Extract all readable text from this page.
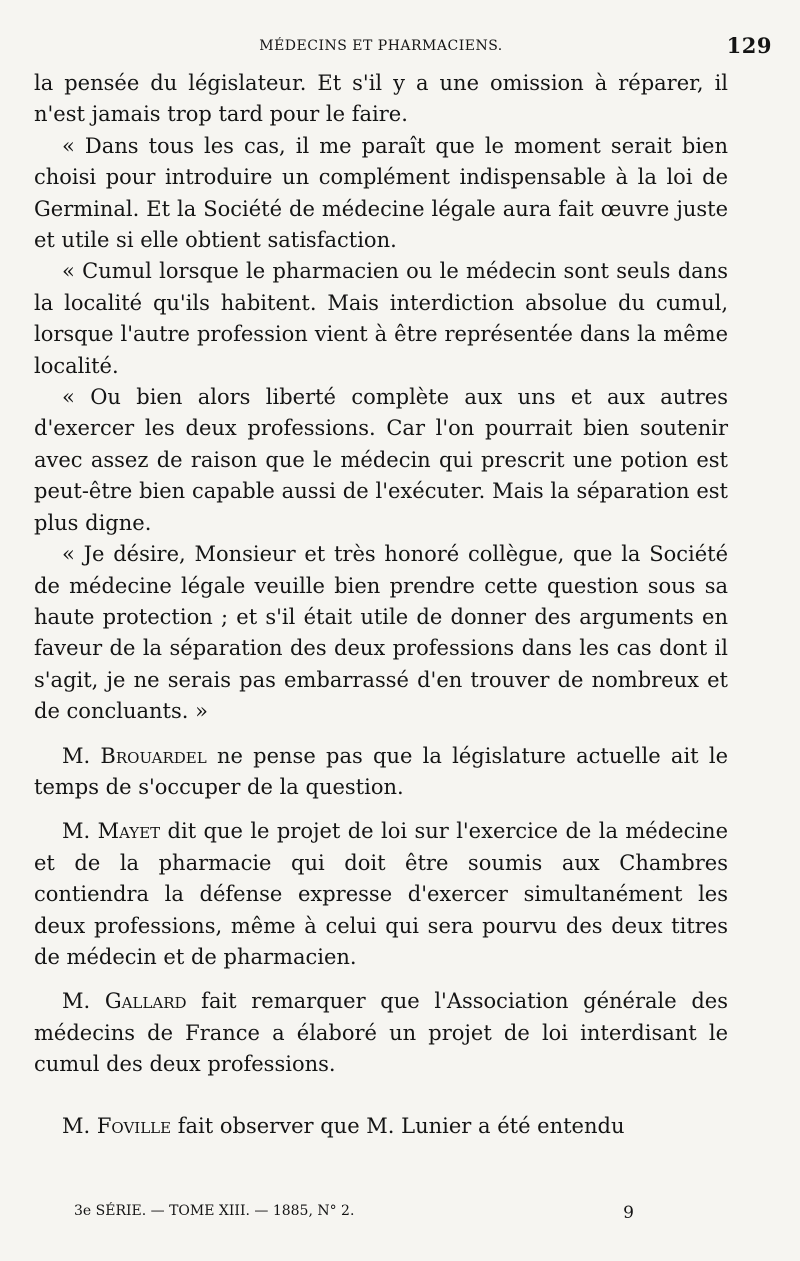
MÉDECINS ET PHARMACIENS.	129

la pensée du législateur. Et s'il y a une omission à réparer, il n'est jamais trop tard pour le faire.

« Dans tous les cas, il me paraît que le moment serait bien choisi pour introduire un complément indispensable à la loi de Germinal. Et la Société de médecine légale aura fait œuvre juste et utile si elle obtient satisfaction.

« Cumul lorsque le pharmacien ou le médecin sont seuls dans la localité qu'ils habitent. Mais interdiction absolue du cumul, lorsque l'autre profession vient à être représentée dans la même localité.

« Ou bien alors liberté complète aux uns et aux autres d'exercer les deux professions. Car l'on pourrait bien soutenir avec assez de raison que le médecin qui prescrit une potion est peut-être bien capable aussi de l'exécuter. Mais la séparation est plus digne.

« Je désire, Monsieur et très honoré collègue, que la Société de médecine légale veuille bien prendre cette question sous sa haute protection ; et s'il était utile de donner des arguments en faveur de la séparation des deux professions dans les cas dont il s'agit, je ne serais pas embarrassé d'en trouver de nombreux et de concluants. »

M. Brouardel ne pense pas que la législature actuelle ait le temps de s'occuper de la question.

M. Mayet dit que le projet de loi sur l'exercice de la médecine et de la pharmacie qui doit être soumis aux Chambres contiendra la défense expresse d'exercer simultanément les deux professions, même à celui qui sera pourvu des deux titres de médecin et de pharmacien.

M. Gallard fait remarquer que l'Association générale des médecins de France a élaboré un projet de loi interdisant le cumul des deux professions.

M. Foville fait observer que M. Lunier a été entendu

3e SÉRIE. — TOME XIII. — 1885, N° 2.	9
